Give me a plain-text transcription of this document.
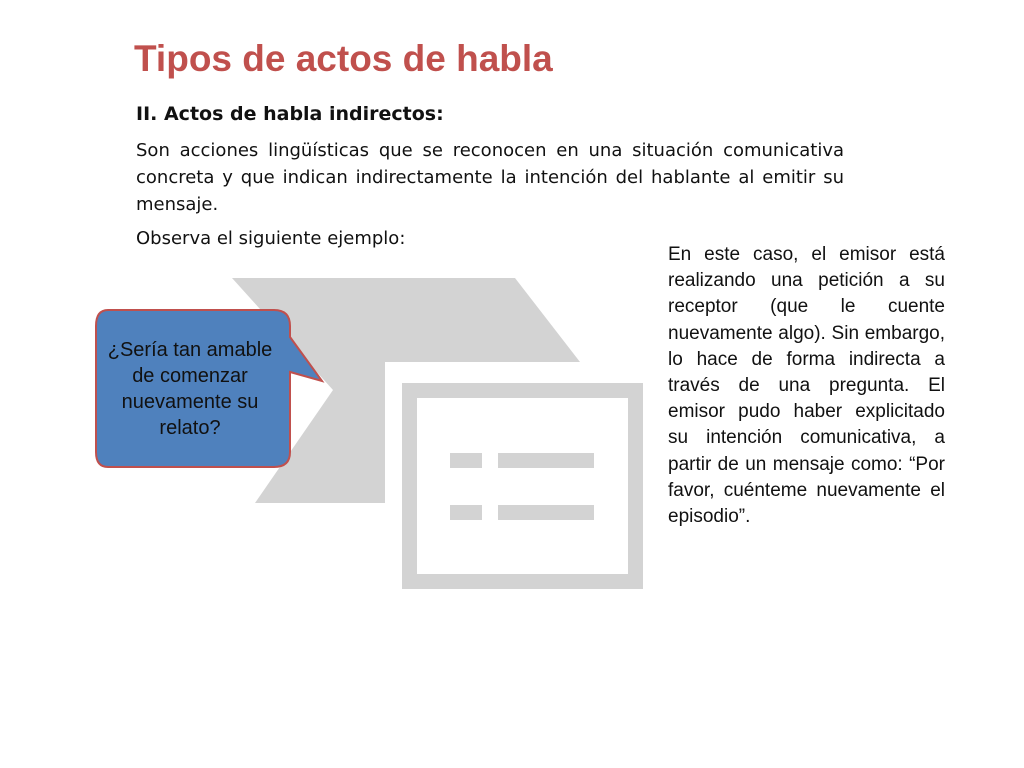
Tipos de actos de habla
II. Actos de habla indirectos:

Son acciones lingüísticas que se reconocen en una situación comunicativa concreta y que indican indirectamente la intención del hablante al emitir su mensaje.

Observa el siguiente ejemplo:

¿Sería tan amable de comenzar nuevamente su relato?

En este caso, el emisor está realizando una petición a su receptor (que le cuente nuevamente algo). Sin embargo, lo hace de forma indirecta a través de una pregunta. El emisor pudo haber explicitado su intención comunicativa, a partir de un mensaje como: “Por favor, cuénteme nuevamente el episodio”.
